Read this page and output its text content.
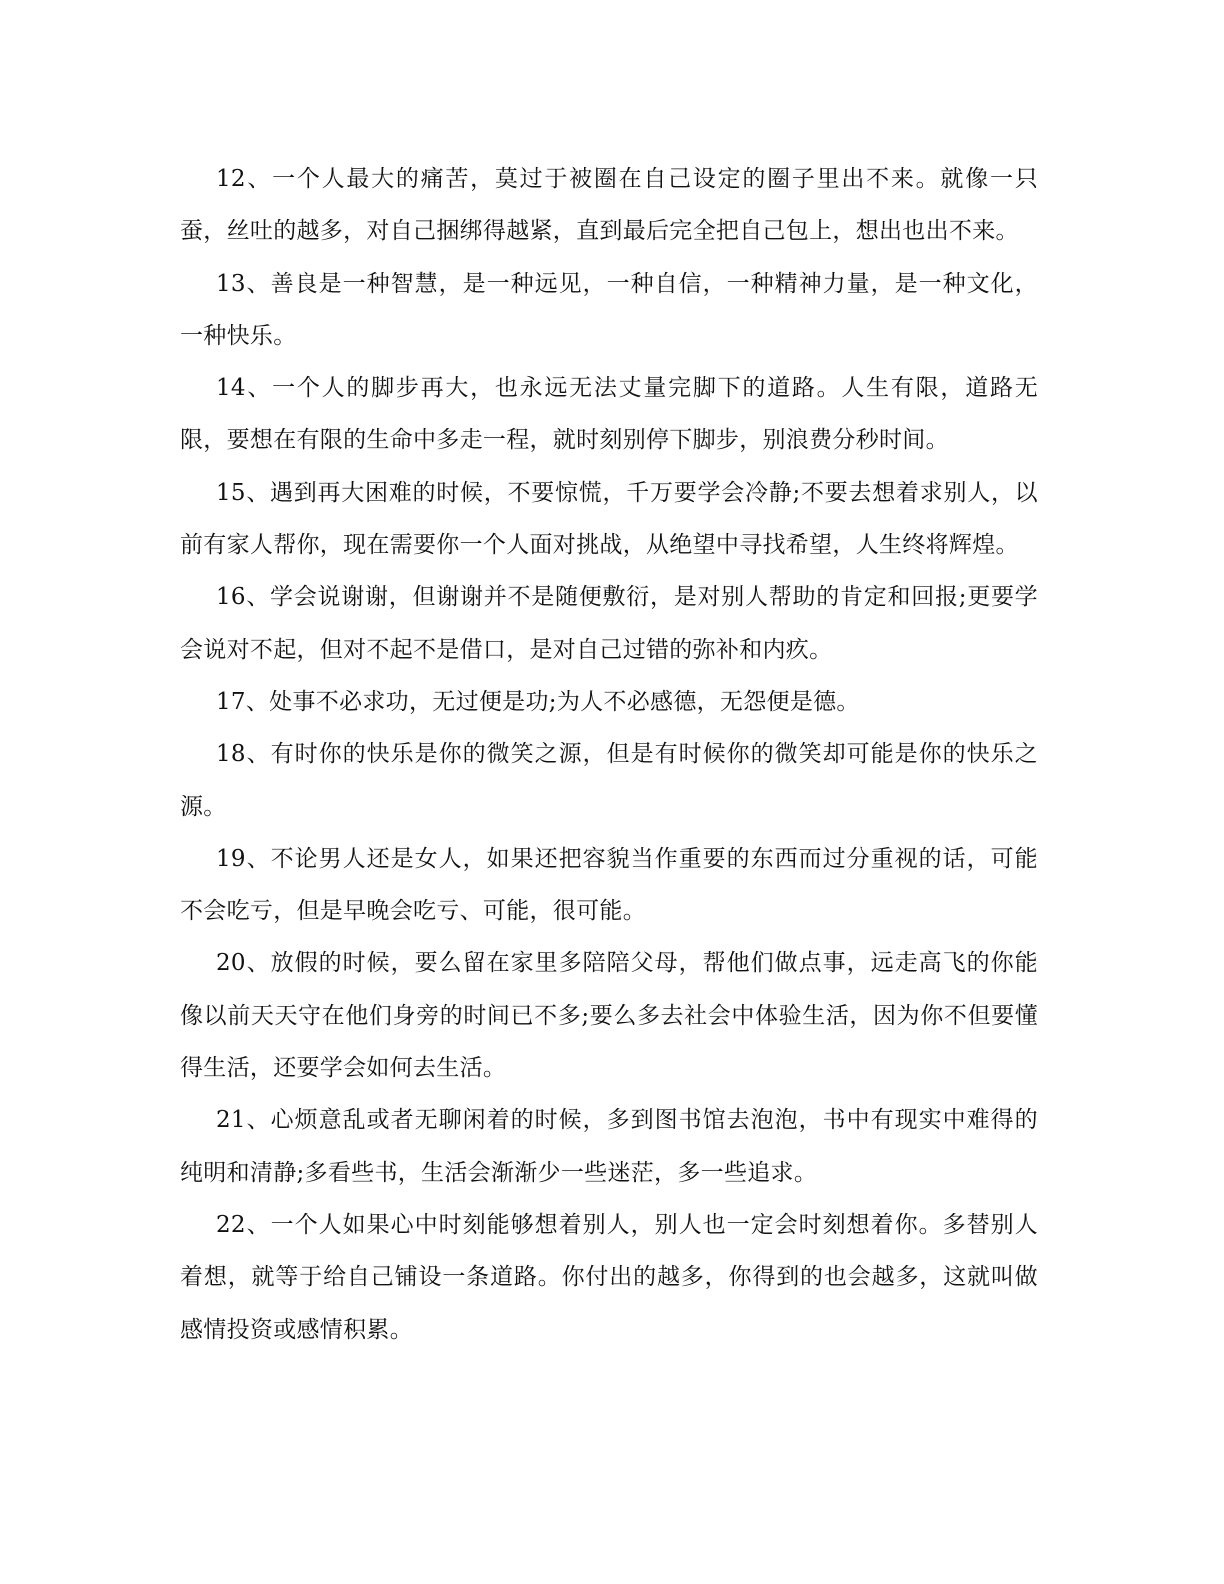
12、一个人最大的痛苦，莫过于被圈在自己设定的圈子里出不来。就像一只蚕，丝吐的越多，对自己捆绑得越紧，直到最后完全把自己包上，想出也出不来。

13、善良是一种智慧，是一种远见，一种自信，一种精神力量，是一种文化，一种快乐。

14、一个人的脚步再大，也永远无法丈量完脚下的道路。人生有限，道路无限，要想在有限的生命中多走一程，就时刻别停下脚步，别浪费分秒时间。

15、遇到再大困难的时候，不要惊慌，千万要学会冷静;不要去想着求别人，以前有家人帮你，现在需要你一个人面对挑战，从绝望中寻找希望，人生终将辉煌。

16、学会说谢谢，但谢谢并不是随便敷衍，是对别人帮助的肯定和回报;更要学会说对不起，但对不起不是借口，是对自己过错的弥补和内疚。

17、处事不必求功，无过便是功;为人不必感德，无怨便是德。

18、有时你的快乐是你的微笑之源，但是有时候你的微笑却可能是你的快乐之源。

19、不论男人还是女人，如果还把容貌当作重要的东西而过分重视的话，可能不会吃亏，但是早晚会吃亏、可能，很可能。

20、放假的时候，要么留在家里多陪陪父母，帮他们做点事，远走高飞的你能像以前天天守在他们身旁的时间已不多;要么多去社会中体验生活，因为你不但要懂得生活，还要学会如何去生活。

21、心烦意乱或者无聊闲着的时候，多到图书馆去泡泡，书中有现实中难得的纯明和清静;多看些书，生活会渐渐少一些迷茫，多一些追求。

22、一个人如果心中时刻能够想着别人，别人也一定会时刻想着你。多替别人着想，就等于给自己铺设一条道路。你付出的越多，你得到的也会越多，这就叫做感情投资或感情积累。
